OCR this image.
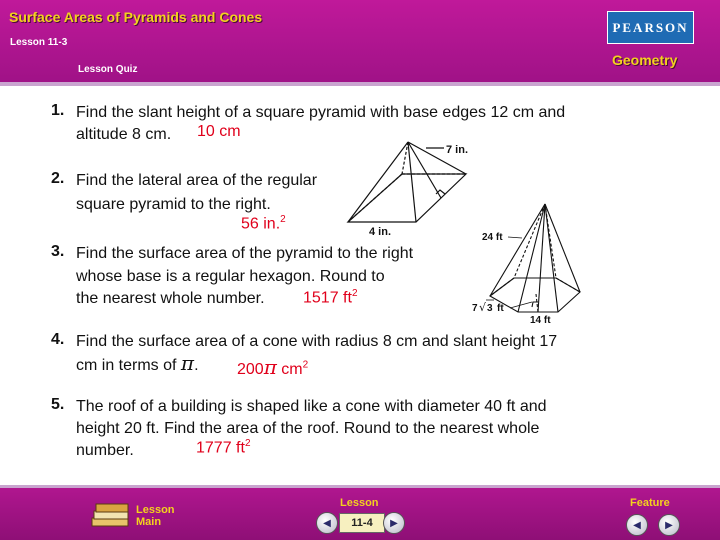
Surface Areas of Pyramids and Cones
Lesson 11-3
Lesson Quiz
PEARSON
Geometry
1. Find the slant height of a square pyramid with base edges 12 cm and
altitude 8 cm. 10 cm
2. Find the lateral area of the regular
square pyramid to the right.
56 in.$^2$
3. Find the surface area of the pyramid to the right
whose base is a regular hexagon. Round to
the nearest whole number. 1517 $ft^2$
4. Find the surface area of a cone with radius 8 cm and slant height 17
cm in terms of π. 200π $cm^2$
5. The roof of a building is shaped like a cone with diameter 40 ft and
height 20 ft. Find the area of the roof. Round to the nearest whole
number.	1777 $ft^2$
7 in.
4 in.	24 ft
7 √ 3 ft
14 ft
Lesson
Main
Lesson
◀	11-4	▶
Feature
◀ ▶
